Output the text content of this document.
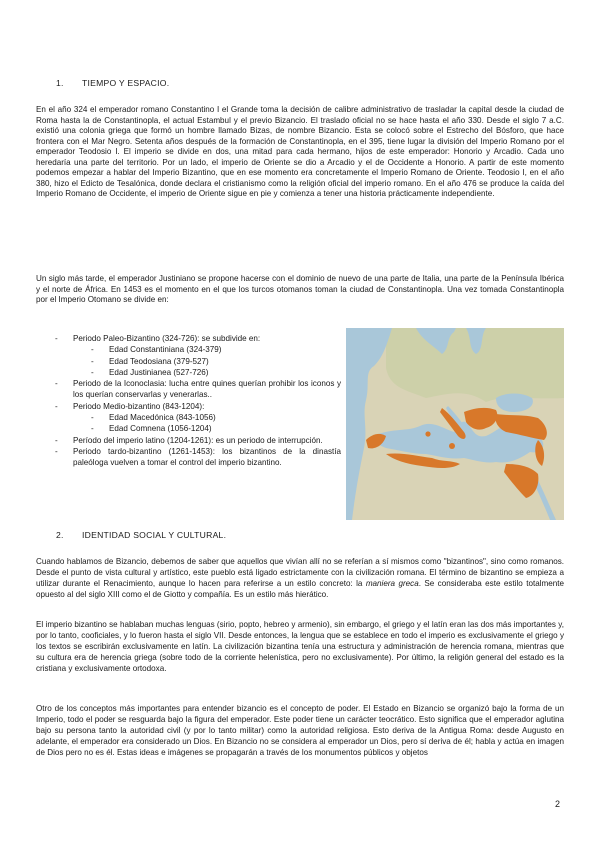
1. TIEMPO Y ESPACIO.

En el año 324 el emperador romano Constantino I el Grande toma la decisión de calibre administrativo de trasladar la capital desde la ciudad de Roma hasta la de Constantinopla, el actual Estambul y el previo Bizancio. El traslado oficial no se hace hasta el año 330. Desde el siglo 7 a.C. existió una colonia griega que formó un hombre llamado Bizas, de nombre Bizancio. Esta se colocó sobre el Estrecho del Bósforo, que hace frontera con el Mar Negro. Setenta años después de la formación de Constantinopla, en el 395, tiene lugar la división del Imperio Romano por el emperador Teodosio I. El imperio se divide en dos, una mitad para cada hermano, hijos de este emperador: Honorio y Arcadio. Cada uno heredaría una parte del territorio. Por un lado, el imperio de Oriente se dio a Arcadio y el de Occidente a Honorio. A partir de este momento podemos empezar a hablar del Imperio Bizantino, que en ese momento era concretamente el Imperio Romano de Oriente. Teodosio I, en el año 380, hizo el Edicto de Tesalónica, donde declara el cristianismo como la religión oficial del imperio romano. En el año 476 se produce la caída del Imperio Romano de Occidente, el imperio de Oriente sigue en pie y comienza a tener una historia prácticamente independiente.

Un siglo más tarde, el emperador Justiniano se propone hacerse con el dominio de nuevo de una parte de Italia, una parte de la Península Ibérica y el norte de África. En 1453 es el momento en el que los turcos otomanos toman la ciudad de Constantinopla. Una vez tomada Constantinopla por el Imperio Otomano se divide en:

- Periodo Paleo-Bizantino (324-726): se subdivide en:
- Edad Constantiniana (324-379)
- Edad Teodosiana (379-527)
- Edad Justinianea (527-726)
- Periodo de la Iconoclasia: lucha entre quines querían prohibir los iconos y los querían conservarlas y venerarlas..
- Periodo Medio-bizantino (843-1204):
- Edad Macedónica (843-1056)
- Edad Comnena (1056-1204)
- Período del imperio latino (1204-1261): es un periodo de interrupción.
- Periodo tardo-bizantino (1261-1453): los bizantinos de la dinastía paleóloga vuelven a tomar el control del imperio bizantino.
2. IDENTIDAD SOCIAL Y CULTURAL.

Cuando hablamos de Bizancio, debemos de saber que aquellos que vivían allí no se referían a sí mismos como "bizantinos", sino como romanos. Desde el punto de vista cultural y artístico, este pueblo está ligado estrictamente con la civilización romana. El término de bizantino se empieza a utilizar durante el Renacimiento, aunque lo hacen para referirse a un estilo concreto: la maniera greca. Se consideraba este estilo totalmente opuesto al del siglo XIII como el de Giotto y compañía. Es un estilo más hierático.

El imperio bizantino se hablaban muchas lenguas (sirio, popto, hebreo y armenio), sin embargo, el griego y el latín eran las dos más importantes y, por lo tanto, cooficiales, y lo fueron hasta el siglo VII. Desde entonces, la lengua que se establece en todo el imperio es exclusivamente el griego y los textos se escribirán exclusivamente en latín. La civilización bizantina tenía una estructura y administración de herencia romana, mientras que su cultura era de herencia griega (sobre todo de la corriente helenística, pero no exclusivamente). Por último, la religión general del estado es la cristiana y exclusivamente ortodoxa.

Otro de los conceptos más importantes para entender bizancio es el concepto de poder. El Estado en Bizancio se organizó bajo la forma de un Imperio, todo el poder se resguarda bajo la figura del emperador. Este poder tiene un carácter teocrático. Esto significa que el emperador aglutina bajo su persona tanto la autoridad civil (y por lo tanto militar) como la autoridad religiosa. Esto deriva de la Antigua Roma: desde Augusto en adelante, el emperador era considerado un Dios. En Bizancio no se considera al emperador un Dios, pero sí deriva de él; habla y actúa en imagen de Dios pero no es él. Estas ideas e imágenes se propagarán a través de los monumentos públicos y objetos

2
